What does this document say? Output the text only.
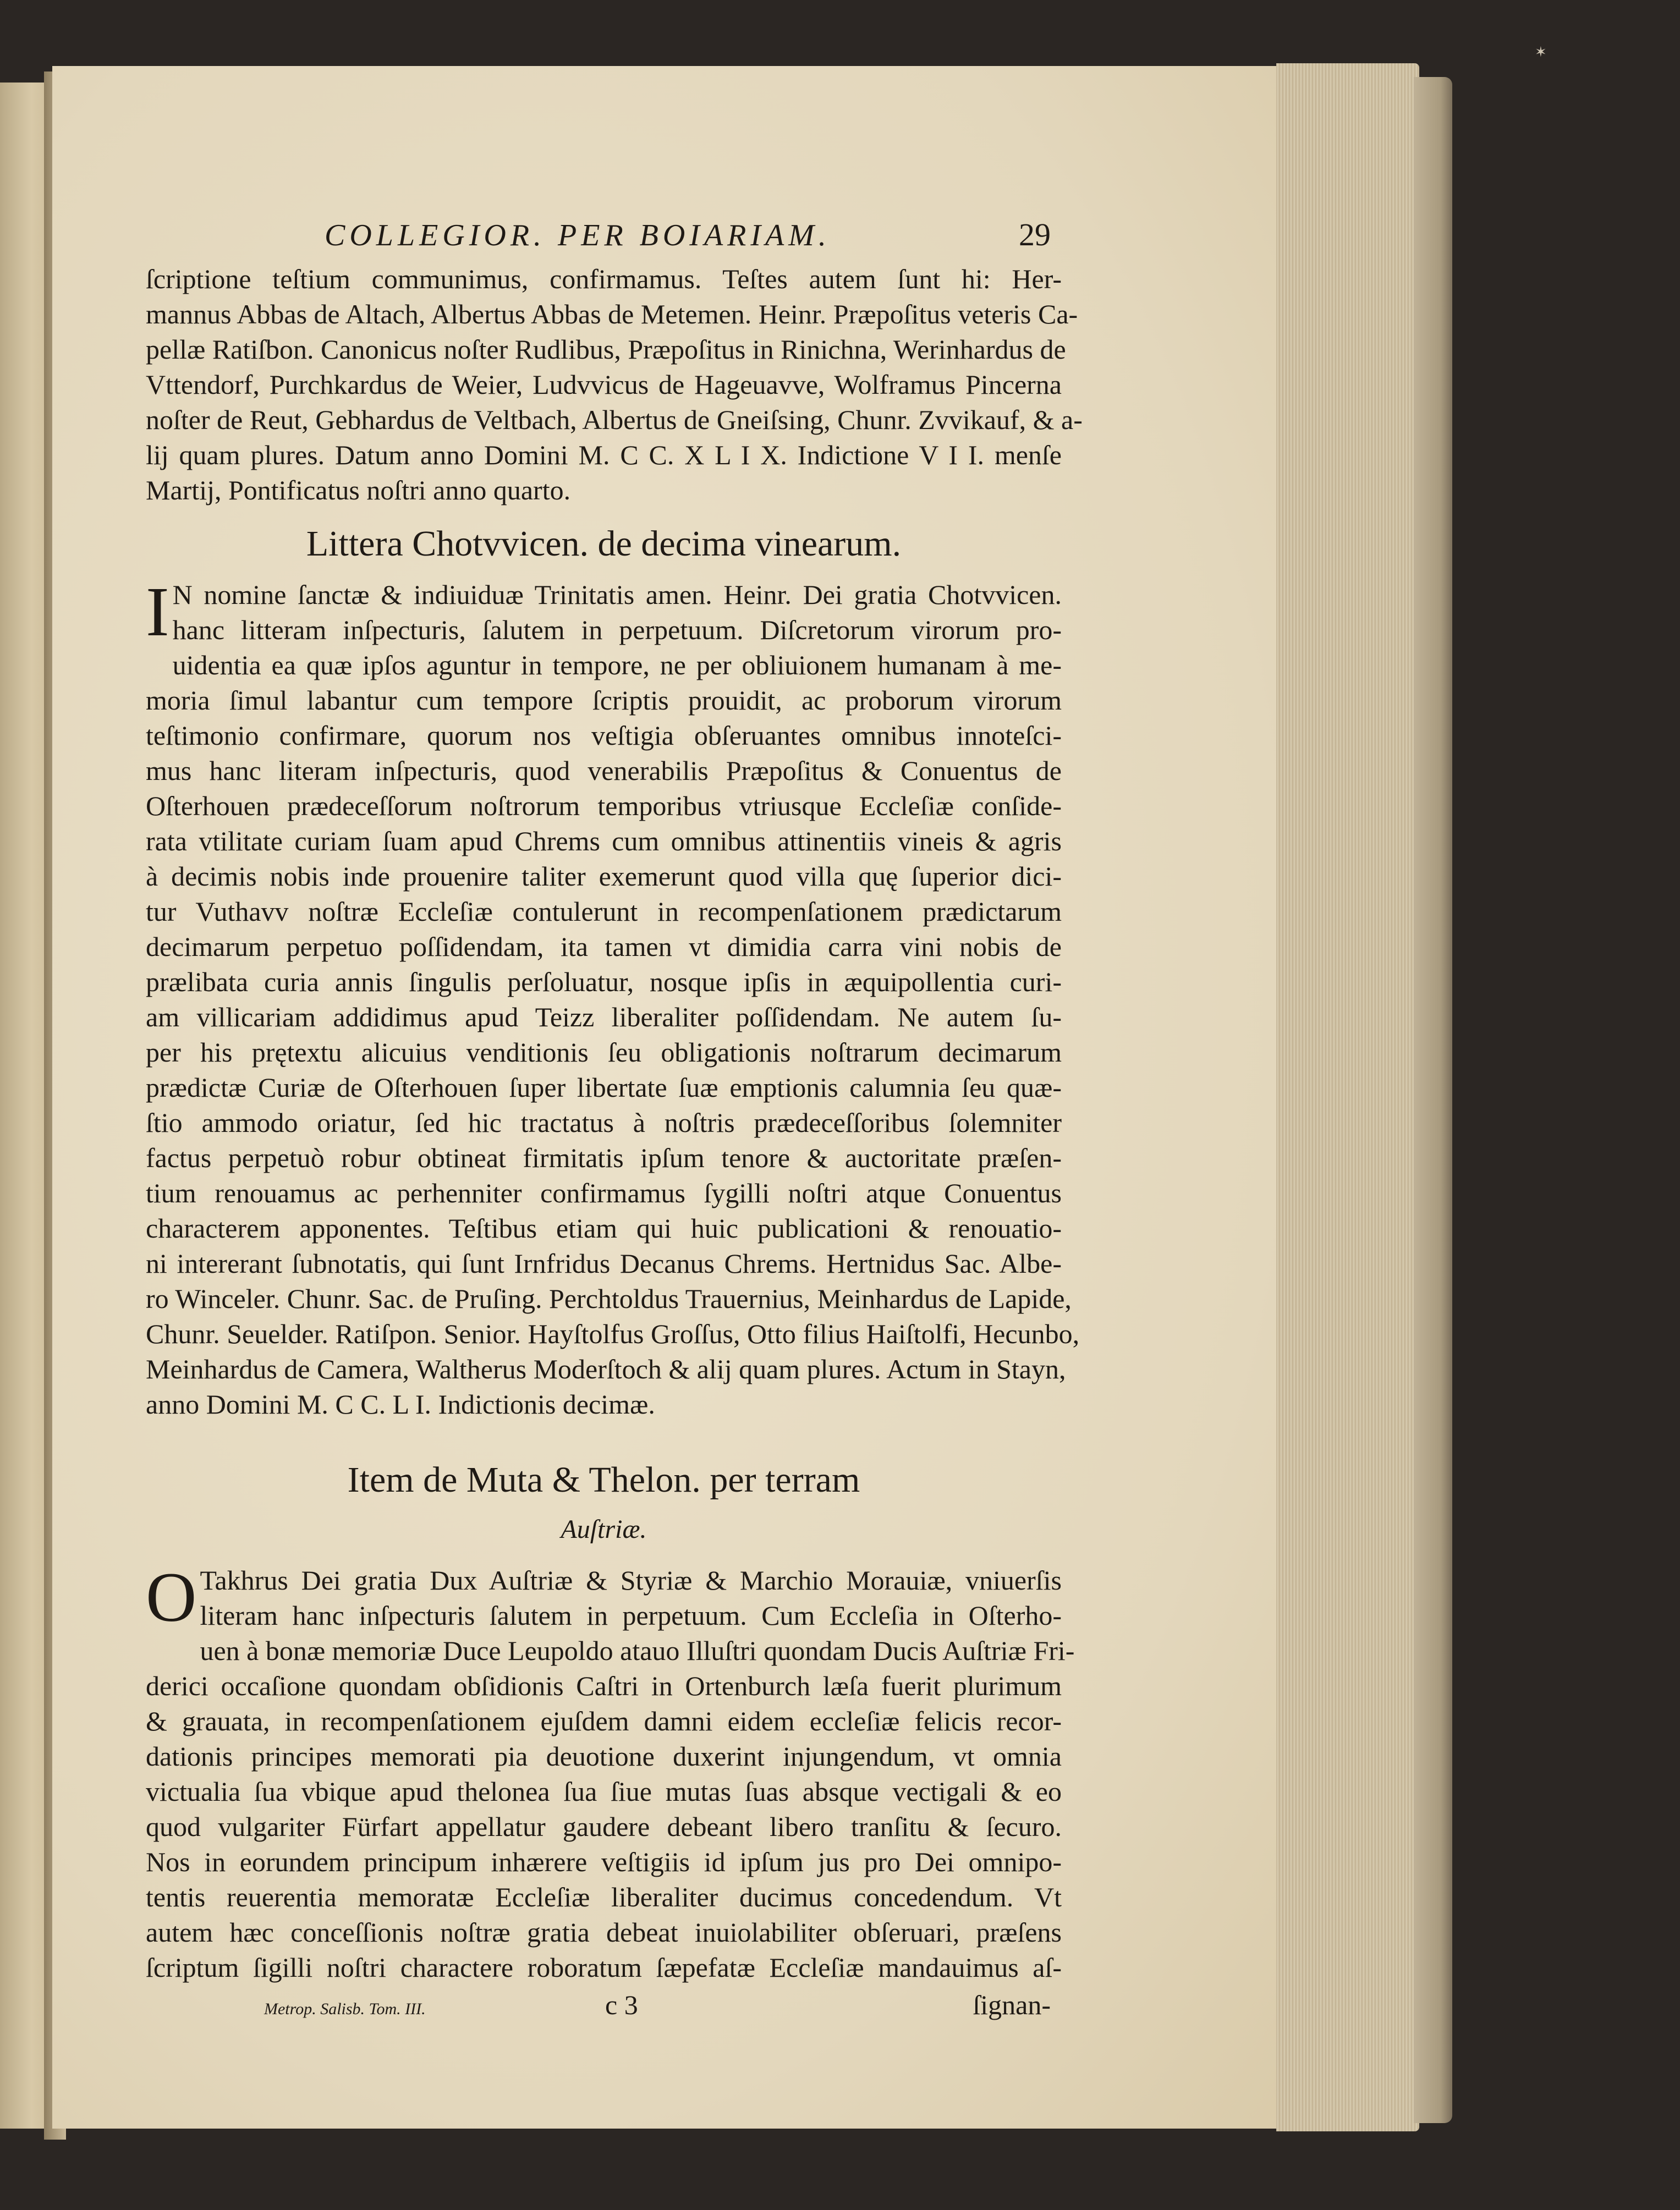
✶
COLLEGIOR. PER BOIARIAM.	29
ſcriptione teſtium communimus, confirmamus. Teſtes autem ſunt hi: Her-
mannus Abbas de Altach, Albertus Abbas de Metemen. Heinr. Præpoſitus veteris Ca-
pellæ Ratiſbon. Canonicus noſter Rudlibus, Præpoſitus in Rinichna, Werinhardus de
Vttendorf, Purchkardus de Weier, Ludvvicus de Hageuavve, Wolframus Pincerna
noſter de Reut, Gebhardus de Veltbach, Albertus de Gneiſsing, Chunr. Zvvikauf, & a-
lij quam plures. Datum anno Domini M. C C. X L I X. Indictione V I I. menſe
Martij, Pontificatus noſtri anno quarto.
Littera Chotvvicen. de decima vinearum.
I N nomine ſanctæ & indiuiduæ Trinitatis amen. Heinr. Dei gratia Chotvvicen.
hanc litteram inſpecturis, ſalutem in perpetuum. Diſcretorum virorum pro-
uidentia ea quæ ipſos aguntur in tempore, ne per obliuionem humanam à me-
moria ſimul labantur cum tempore ſcriptis prouidit, ac proborum virorum
teſtimonio confirmare, quorum nos veſtigia obſeruantes omnibus innoteſci-
mus hanc literam inſpecturis, quod venerabilis Præpoſitus & Conuentus de
Oſterhouen prædeceſſorum noſtrorum temporibus vtriusque Eccleſiæ conſide-
rata vtilitate curiam ſuam apud Chrems cum omnibus attinentiis vineis & agris
à decimis nobis inde prouenire taliter exemerunt quod villa quę ſuperior dici-
tur Vuthavv noſtræ Eccleſiæ contulerunt in recompenſationem prædictarum
decimarum perpetuo poſſidendam, ita tamen vt dimidia carra vini nobis de
prælibata curia annis ſingulis perſoluatur, nosque ipſis in æquipollentia curi-
am villicariam addidimus apud Teizz liberaliter poſſidendam. Ne autem ſu-
per his prętextu alicuius venditionis ſeu obligationis noſtrarum decimarum
prædictæ Curiæ de Oſterhouen ſuper libertate ſuæ emptionis calumnia ſeu quæ-
ſtio ammodo oriatur, ſed hic tractatus à noſtris prædeceſſoribus ſolemniter
factus perpetuò robur obtineat firmitatis ipſum tenore & auctoritate præſen-
tium renouamus ac perhenniter confirmamus ſygilli noſtri atque Conuentus
characterem apponentes. Teſtibus etiam qui huic publicationi & renouatio-
ni intererant ſubnotatis, qui ſunt Irnfridus Decanus Chrems. Hertnidus Sac. Albe-
ro Winceler. Chunr. Sac. de Pruſing. Perchtoldus Trauernius, Meinhardus de Lapide,
Chunr. Seuelder. Ratiſpon. Senior. Hayſtolfus Groſſus, Otto filius Haiſtolfi, Hecunbo,
Meinhardus de Camera, Waltherus Moderſtoch & alij quam plures. Actum in Stayn,
anno Domini M. C C. L I. Indictionis decimæ.
Item de Muta & Thelon. per terram
Auſtriæ.
O Takhrus Dei gratia Dux Auſtriæ & Styriæ & Marchio Morauiæ, vniuerſis
literam hanc inſpecturis ſalutem in perpetuum. Cum Eccleſia in Oſterho-
uen à bonæ memoriæ Duce Leupoldo atauo Illuſtri quondam Ducis Auſtriæ Fri-
derici occaſione quondam obſidionis Caſtri in Ortenburch læſa fuerit plurimum
& grauata, in recompenſationem ejuſdem damni eidem eccleſiæ felicis recor-
dationis principes memorati pia deuotione duxerint injungendum, vt omnia
victualia ſua vbique apud thelonea ſua ſiue mutas ſuas absque vectigali & eo
quod vulgariter Fürfart appellatur gaudere debeant libero tranſitu & ſecuro.
Nos in eorundem principum inhærere veſtigiis id ipſum jus pro Dei omnipo-
tentis reuerentia memoratæ Eccleſiæ liberaliter ducimus concedendum. Vt
autem hæc conceſſionis noſtræ gratia debeat inuiolabiliter obſeruari, præſens
ſcriptum ſigilli noſtri charactere roboratum ſæpefatæ Eccleſiæ mandauimus aſ-
Metrop. Salisb. Tom. III.	c 3	ſignan-
